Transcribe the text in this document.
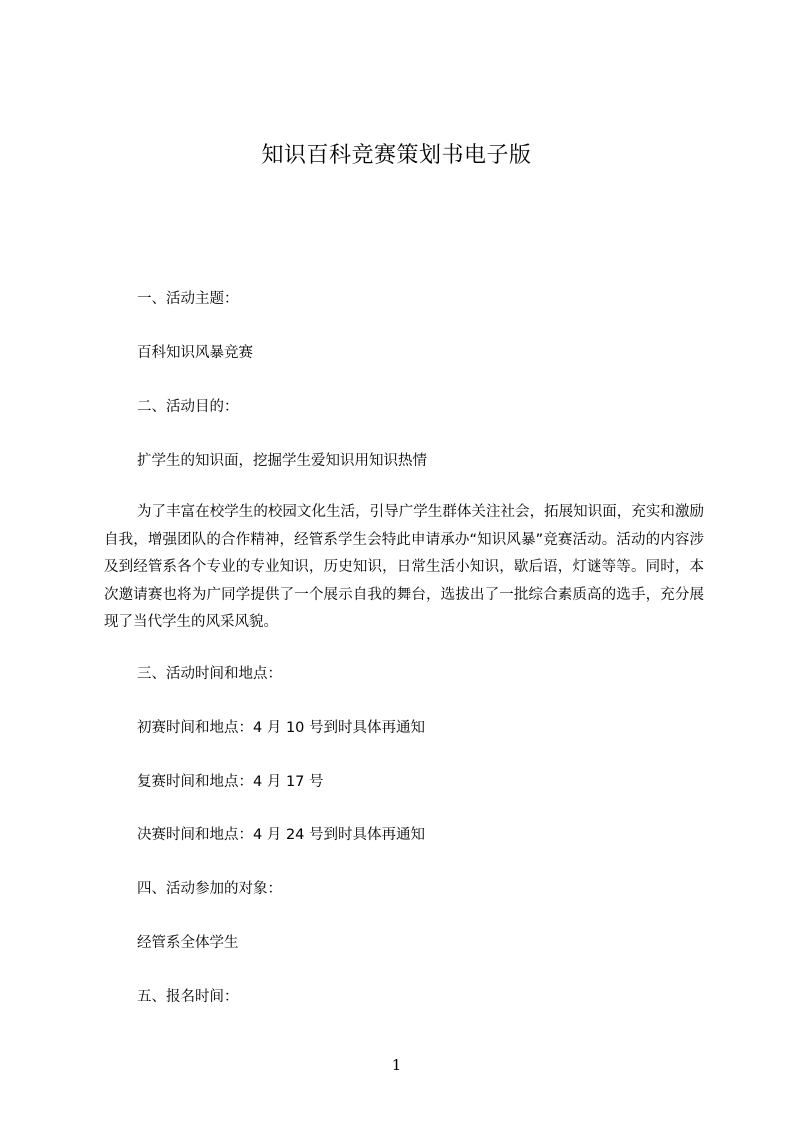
知识百科竞赛策划书电子版
一、活动主题：
百科知识风暴竞赛
二、活动目的：
扩学生的知识面，挖掘学生爱知识用知识热情

为了丰富在校学生的校园文化生活，引导广学生群体关注社会，拓展知识面，充实和激励自我，增强团队的合作精神，经管系学生会特此申请承办“知识风暴”竞赛活动。活动的内容涉及到经管系各个专业的专业知识，历史知识，日常生活小知识，歇后语，灯谜等等。同时，本次邀请赛也将为广同学提供了一个展示自我的舞台，选拔出了一批综合素质高的选手，充分展现了当代学生的风采风貌。

三、活动时间和地点：
初赛时间和地点：4 月 10 号到时具体再通知
复赛时间和地点：4 月 17 号
决赛时间和地点：4 月 24 号到时具体再通知
四、活动参加的对象：
经管系全体学生
五、报名时间：
1
